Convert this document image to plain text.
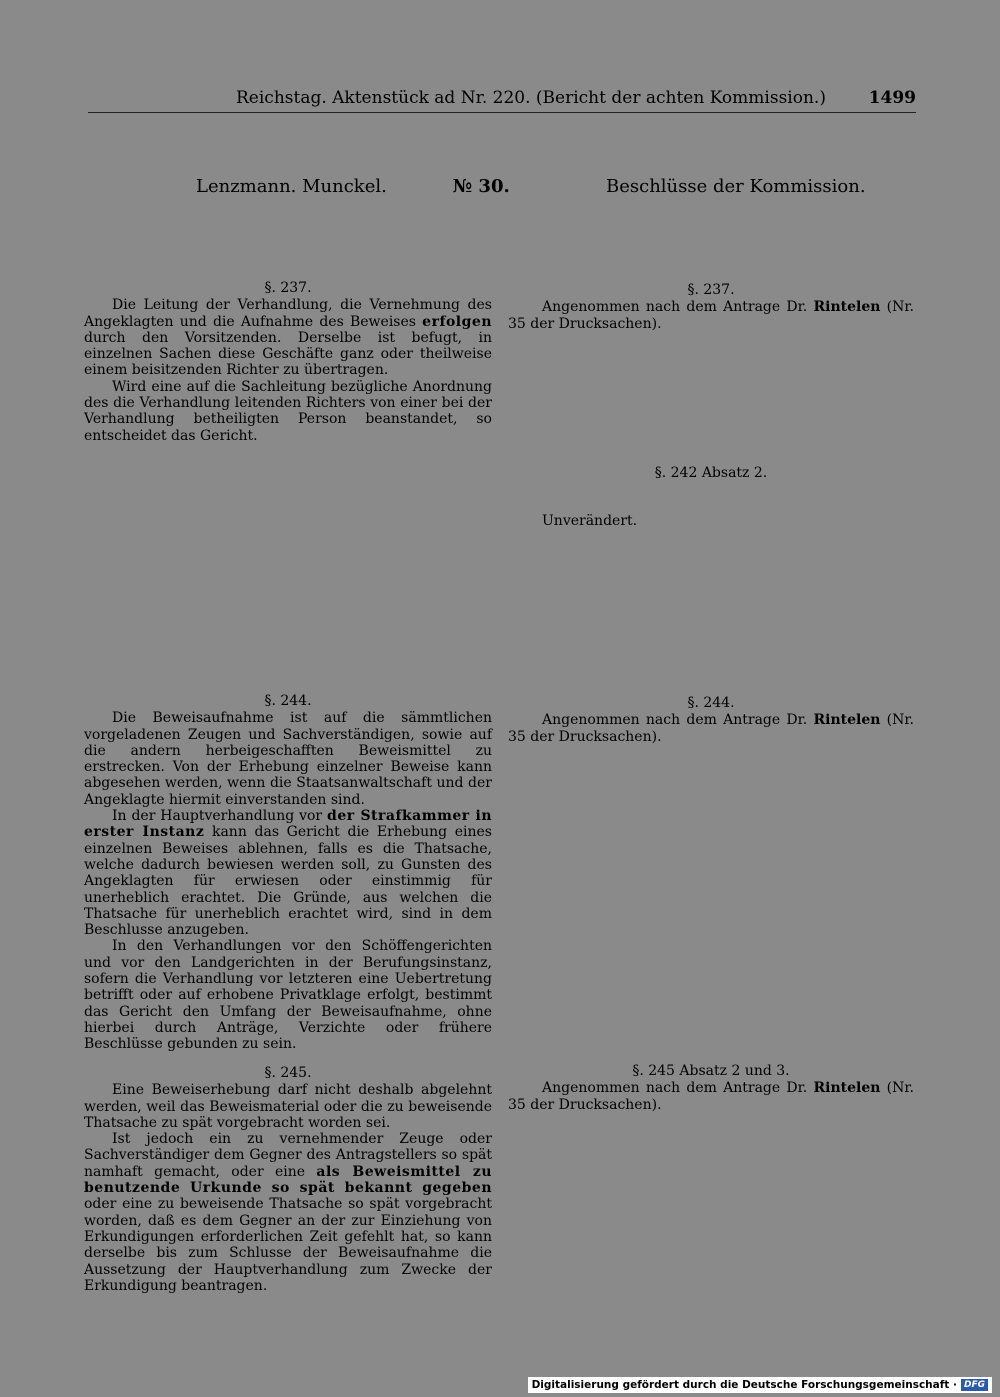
Reichstag. Aktenstück ad Nr. 220. (Bericht der achten Kommission.)	1499
Lenzmann. Munckel.	№ 30.	Beschlüsse der Kommission.
§. 237.

Die Leitung der Verhandlung, die Vernehmung des Angeklagten und die Aufnahme des Beweises erfolgen durch den Vorsitzenden. Derselbe ist befugt, in einzelnen Sachen diese Geschäfte ganz oder theilweise einem beisitzenden Richter zu übertragen.

Wird eine auf die Sachleitung bezügliche Anordnung des die Verhandlung leitenden Richters von einer bei der Verhandlung betheiligten Person beanstandet, so entscheidet das Gericht.

§. 244.

Die Beweisaufnahme ist auf die sämmtlichen vorgeladenen Zeugen und Sachverständigen, sowie auf die andern herbeigeschafften Beweismittel zu erstrecken. Von der Erhebung einzelner Beweise kann abgesehen werden, wenn die Staatsanwaltschaft und der Angeklagte hiermit einverstanden sind.

In der Hauptverhandlung vor der Strafkammer in erster Instanz kann das Gericht die Erhebung eines einzelnen Beweises ablehnen, falls es die Thatsache, welche dadurch bewiesen werden soll, zu Gunsten des Angeklagten für erwiesen oder einstimmig für unerheblich erachtet. Die Gründe, aus welchen die Thatsache für unerheblich erachtet wird, sind in dem Beschlusse anzugeben.

In den Verhandlungen vor den Schöffengerichten und vor den Landgerichten in der Berufungsinstanz, sofern die Verhandlung vor letzteren eine Uebertretung betrifft oder auf erhobene Privatklage erfolgt, bestimmt das Gericht den Umfang der Beweisaufnahme, ohne hierbei durch Anträge, Verzichte oder frühere Beschlüsse gebunden zu sein.

§. 245.

Eine Beweiserhebung darf nicht deshalb abgelehnt werden, weil das Beweismaterial oder die zu beweisende Thatsache zu spät vorgebracht worden sei.

Ist jedoch ein zu vernehmender Zeuge oder Sachverständiger dem Gegner des Antragstellers so spät namhaft gemacht, oder eine als Beweismittel zu benutzende Urkunde so spät bekannt gegeben oder eine zu beweisende Thatsache so spät vorgebracht worden, daß es dem Gegner an der zur Einziehung von Erkundigungen erforderlichen Zeit gefehlt hat, so kann derselbe bis zum Schlusse der Beweisaufnahme die Aussetzung der Hauptverhandlung zum Zwecke der Erkundigung beantragen.

§. 237.

Angenommen nach dem Antrage Dr. Rintelen (Nr. 35 der Drucksachen).

§. 242 Absatz 2.

Unverändert.

§. 244.

Angenommen nach dem Antrage Dr. Rintelen (Nr. 35 der Drucksachen).

§. 245 Absatz 2 und 3.

Angenommen nach dem Antrage Dr. Rintelen (Nr. 35 der Drucksachen).

Digitalisierung gefördert durch die Deutsche Forschungsgemeinschaft · DFG
